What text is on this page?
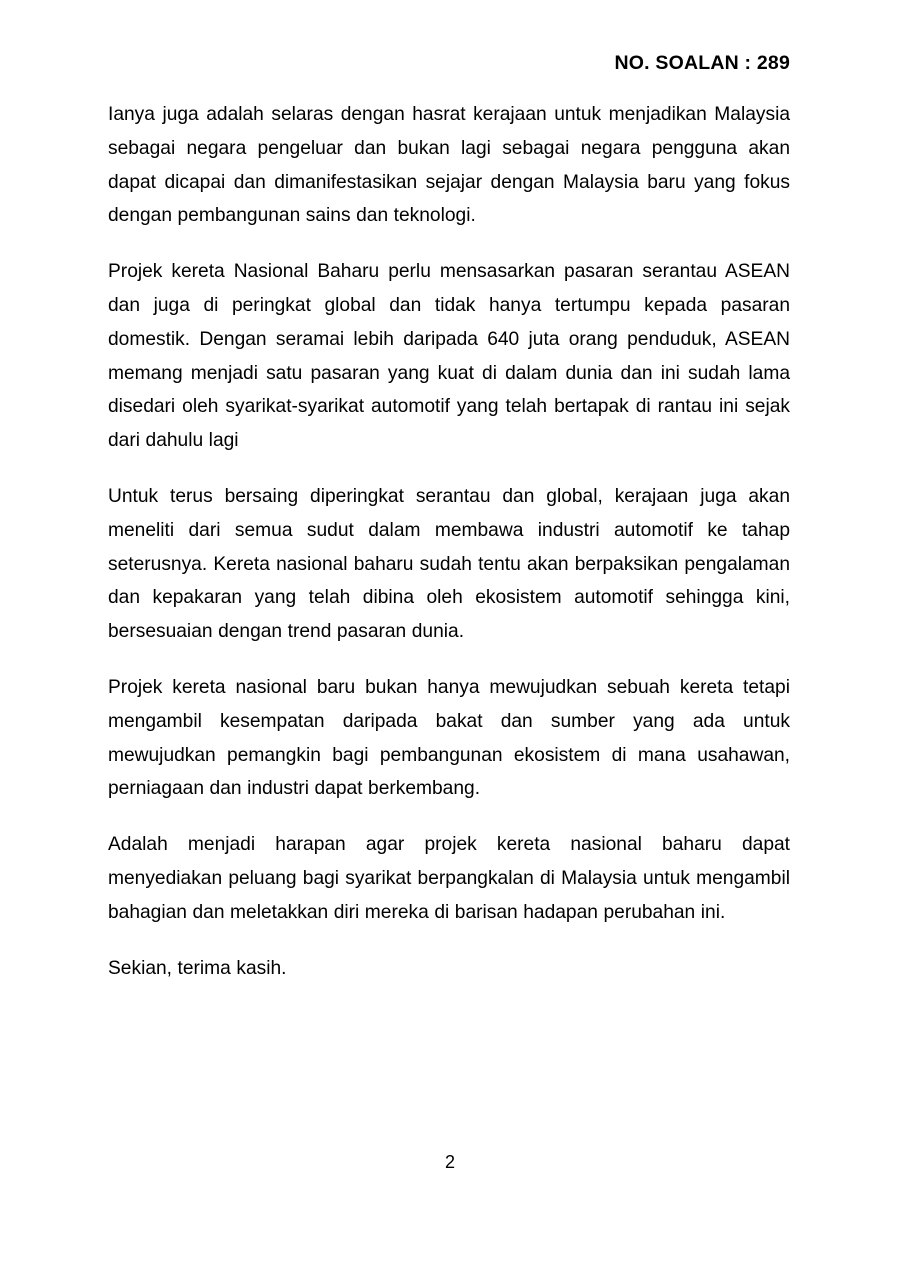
NO. SOALAN : 289

Ianya juga adalah selaras dengan hasrat kerajaan untuk menjadikan Malaysia sebagai negara pengeluar dan bukan lagi sebagai negara pengguna akan dapat dicapai dan dimanifestasikan sejajar dengan Malaysia baru yang fokus dengan pembangunan sains dan teknologi.

Projek kereta Nasional Baharu perlu mensasarkan pasaran serantau ASEAN dan juga di peringkat global dan tidak hanya tertumpu kepada pasaran domestik. Dengan seramai lebih daripada 640 juta orang penduduk, ASEAN memang menjadi satu pasaran yang kuat di dalam dunia dan ini sudah lama disedari oleh syarikat-syarikat automotif yang telah bertapak di rantau ini sejak dari dahulu lagi

Untuk terus bersaing diperingkat serantau dan global, kerajaan juga akan meneliti dari semua sudut dalam membawa industri automotif ke tahap seterusnya. Kereta nasional baharu sudah tentu akan berpaksikan pengalaman dan kepakaran yang telah dibina oleh ekosistem automotif sehingga kini, bersesuaian dengan trend pasaran dunia.

Projek kereta nasional baru bukan hanya mewujudkan sebuah kereta tetapi mengambil kesempatan daripada bakat dan sumber yang ada untuk mewujudkan pemangkin bagi pembangunan ekosistem di mana usahawan, perniagaan dan industri dapat berkembang.

Adalah menjadi harapan agar projek kereta nasional baharu dapat menyediakan peluang bagi syarikat berpangkalan di Malaysia untuk mengambil bahagian dan meletakkan diri mereka di barisan hadapan perubahan ini.

Sekian, terima kasih.

2
